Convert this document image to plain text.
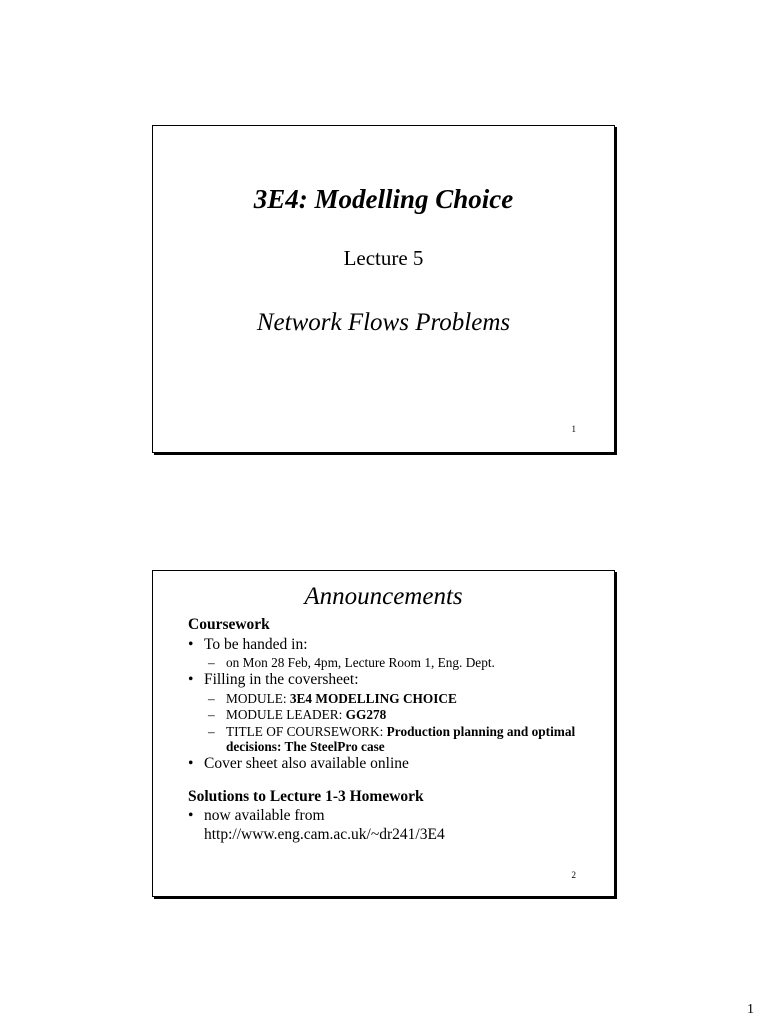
3E4: Modelling Choice
Lecture 5
Network Flows Problems
1
Announcements
Coursework
• To be handed in:
– on Mon 28 Feb, 4pm, Lecture Room 1, Eng. Dept.
• Filling in the coversheet:
– MODULE: 3E4 MODELLING CHOICE
– MODULE LEADER: GG278
– TITLE OF COURSEWORK: Production planning and optimal decisions: The SteelPro case
• Cover sheet also available online
Solutions to Lecture 1-3 Homework
• now available from
http://www.eng.cam.ac.uk/~dr241/3E4
2
1
